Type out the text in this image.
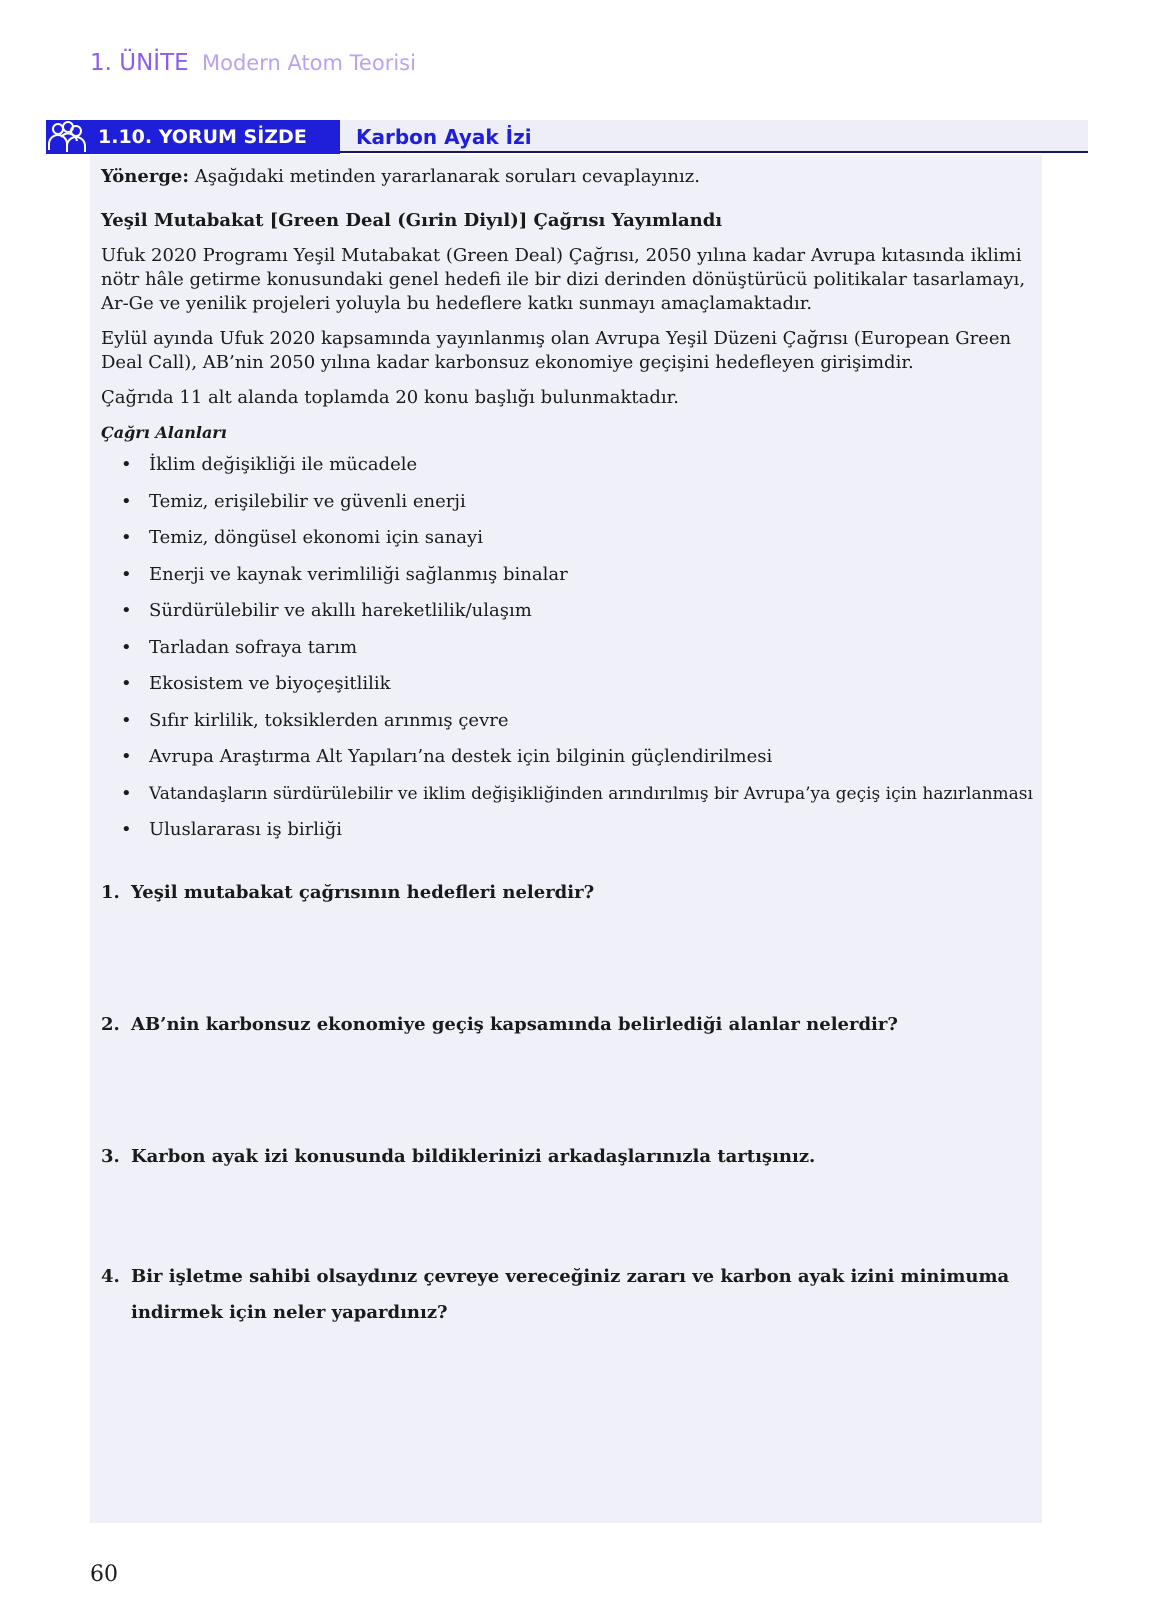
1. ÜNİTE Modern Atom Teorisi
1.10. YORUM SİZDE	Karbon Ayak İzi

Yönerge: Aşağıdaki metinden yararlanarak soruları cevaplayınız.

Yeşil Mutabakat [Green Deal (Gırin Diyıl)] Çağrısı Yayımlandı

Ufuk 2020 Programı Yeşil Mutabakat (Green Deal) Çağrısı, 2050 yılına kadar Avrupa kıtasında iklimi nötr hâle getirme konusundaki genel hedefi ile bir dizi derinden dönüştürücü politikalar tasarlamayı, Ar-Ge ve yenilik projeleri yoluyla bu hedeflere katkı sunmayı amaçlamaktadır.

Eylül ayında Ufuk 2020 kapsamında yayınlanmış olan Avrupa Yeşil Düzeni Çağrısı (European Green Deal Call), AB’nin 2050 yılına kadar karbonsuz ekonomiye geçişini hedefleyen girişimdir.

Çağrıda 11 alt alanda toplamda 20 konu başlığı bulunmaktadır.

Çağrı Alanları

• İklim değişikliği ile mücadele
• Temiz, erişilebilir ve güvenli enerji
• Temiz, döngüsel ekonomi için sanayi
• Enerji ve kaynak verimliliği sağlanmış binalar
• Sürdürülebilir ve akıllı hareketlilik/ulaşım
• Tarladan sofraya tarım
• Ekosistem ve biyoçeşitlilik
• Sıfır kirlilik, toksiklerden arınmış çevre
• Avrupa Araştırma Alt Yapıları’na destek için bilginin güçlendirilmesi
• Vatandaşların sürdürülebilir ve iklim değişikliğinden arındırılmış bir Avrupa’ya geçiş için hazırlanması
• Uluslararası iş birliği
1. Yeşil mutabakat çağrısının hedefleri nelerdir?
2. AB’nin karbonsuz ekonomiye geçiş kapsamında belirlediği alanlar nelerdir?
3. Karbon ayak izi konusunda bildiklerinizi arkadaşlarınızla tartışınız.
4. Bir işletme sahibi olsaydınız çevreye vereceğiniz zararı ve karbon ayak izini minimuma indirmek için neler yapardınız?
60
